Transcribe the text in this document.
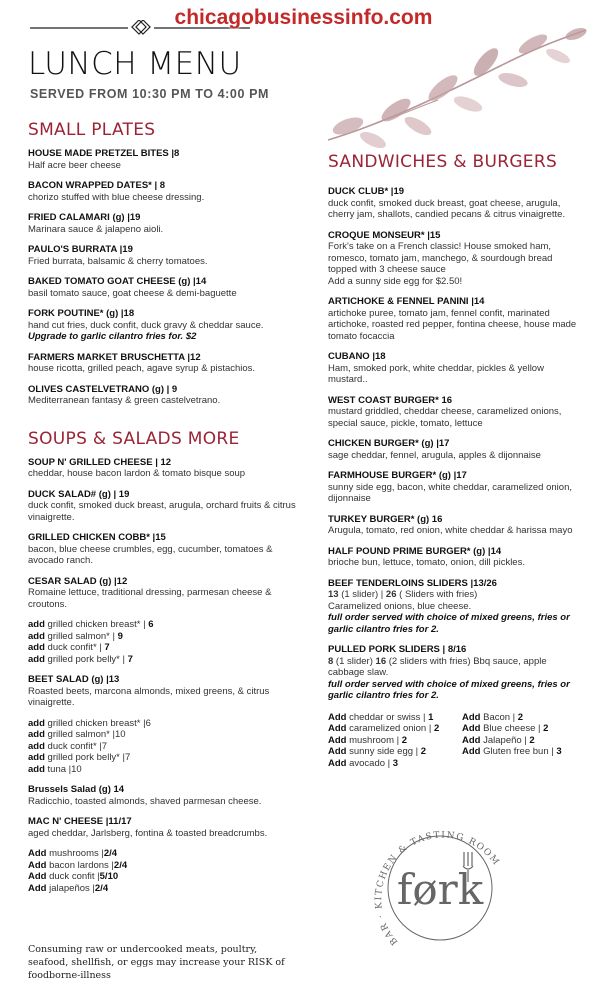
chicagobusinessinfo.com
LUNCH MENU
SERVED FROM 10:30 PM TO 4:00 PM
SMALL PLATES
HOUSE MADE PRETZEL BITES |8
Half acre beer cheese
BACON WRAPPED DATES* | 8
chorizo stuffed with blue cheese dressing.
FRIED CALAMARI (g) |19
Marinara sauce & jalapeno aioli.
PAULO'S BURRATA |19
Fried burrata, balsamic & cherry tomatoes.
BAKED TOMATO GOAT CHEESE (g) |14
basil tomato sauce, goat cheese & demi-baguette
FORK POUTINE* (g) |18
hand cut fries, duck confit, duck gravy & cheddar sauce.
Upgrade to garlic cilantro fries for. $2
FARMERS MARKET BRUSCHETTA |12
house ricotta, grilled peach, agave syrup & pistachios.
OLIVES CASTELVETRANO (g) | 9
Mediterranean fantasy & green castelvetrano.
SOUPS & SALADS MORE
SOUP N' GRILLED CHEESE | 12
cheddar, house bacon lardon & tomato bisque soup
DUCK SALAD# (g) | 19
duck confit, smoked duck breast, arugula, orchard fruits & citrus vinaigrette.
GRILLED CHICKEN COBB* |15
bacon, blue cheese crumbles, egg, cucumber, tomatoes & avocado ranch.
CESAR SALAD (g) |12
Romaine lettuce, traditional dressing, parmesan cheese & croutons.
add grilled chicken breast* | 6
add grilled salmon* | 9
add duck confit* | 7
add grilled pork belly* | 7
BEET SALAD (g) |13
Roasted beets, marcona almonds, mixed greens, & citrus vinaigrette.
add grilled chicken breast* |6
add grilled salmon* |10
add duck confit* |7
add grilled pork belly* |7
add tuna |10
Brussels Salad (g) 14
Radicchio, toasted almonds, shaved parmesan cheese.
MAC N' CHEESE |11/17
aged cheddar, Jarlsberg, fontina & toasted breadcrumbs.
Add mushrooms |2/4
Add bacon lardons |2/4
Add duck confit |5/10
Add jalapeños |2/4
Consuming raw or undercooked meats, poultry, seafood, shellfish, or eggs may increase your RISK of foodborne-illness
SANDWICHES & BURGERS
DUCK CLUB* |19
duck confit, smoked duck breast, goat cheese, arugula, cherry jam, shallots, candied pecans & citrus vinaigrette.
CROQUE MONSEUR* |15
Fork's take on a French classic! House smoked ham, romesco, tomato jam, manchego, & sourdough bread topped with 3 cheese sauce
Add a sunny side egg for $2.50!
ARTICHOKE & FENNEL PANINI |14
artichoke puree, tomato jam, fennel confit, marinated artichoke, roasted red pepper, fontina cheese, house made tomato focaccia
CUBANO |18
Ham, smoked pork, white cheddar, pickles & yellow mustard..
WEST COAST BURGER* 16
mustard griddled, cheddar cheese, caramelized onions, special sauce, pickle, tomato, lettuce
CHICKEN BURGER* (g) |17
sage cheddar, fennel, arugula, apples & dijonnaise
FARMHOUSE BURGER* (g) |17
sunny side egg, bacon, white cheddar, caramelized onion, dijonnaise
TURKEY BURGER* (g) 16
Arugula, tomato, red onion, white cheddar & harissa mayo
HALF POUND PRIME BURGER* (g) |14
brioche bun, lettuce, tomato, onion, dill pickles.
BEEF TENDERLOINS SLIDERS |13/26
13 (1 slider) | 26 ( Sliders with fries)
Caramelized onions, blue cheese.
full order served with choice of mixed greens, fries or garlic cilantro fries for 2.
PULLED PORK SLIDERS | 8/16
8 (1 slider) 16 (2 sliders with fries) Bbq sauce, apple cabbage slaw.
full order served with choice of mixed greens, fries or garlic cilantro fries for 2.
Add cheddar or swiss | 1	Add Bacon | 2
Add caramelized onion | 2	Add Blue cheese | 2
Add mushroom | 2	Add Jalapeño | 2
Add sunny side egg | 2	Add Gluten free bun | 3
Add avocado | 3
BAR · KITCHEN & TASTING ROOM
førk
